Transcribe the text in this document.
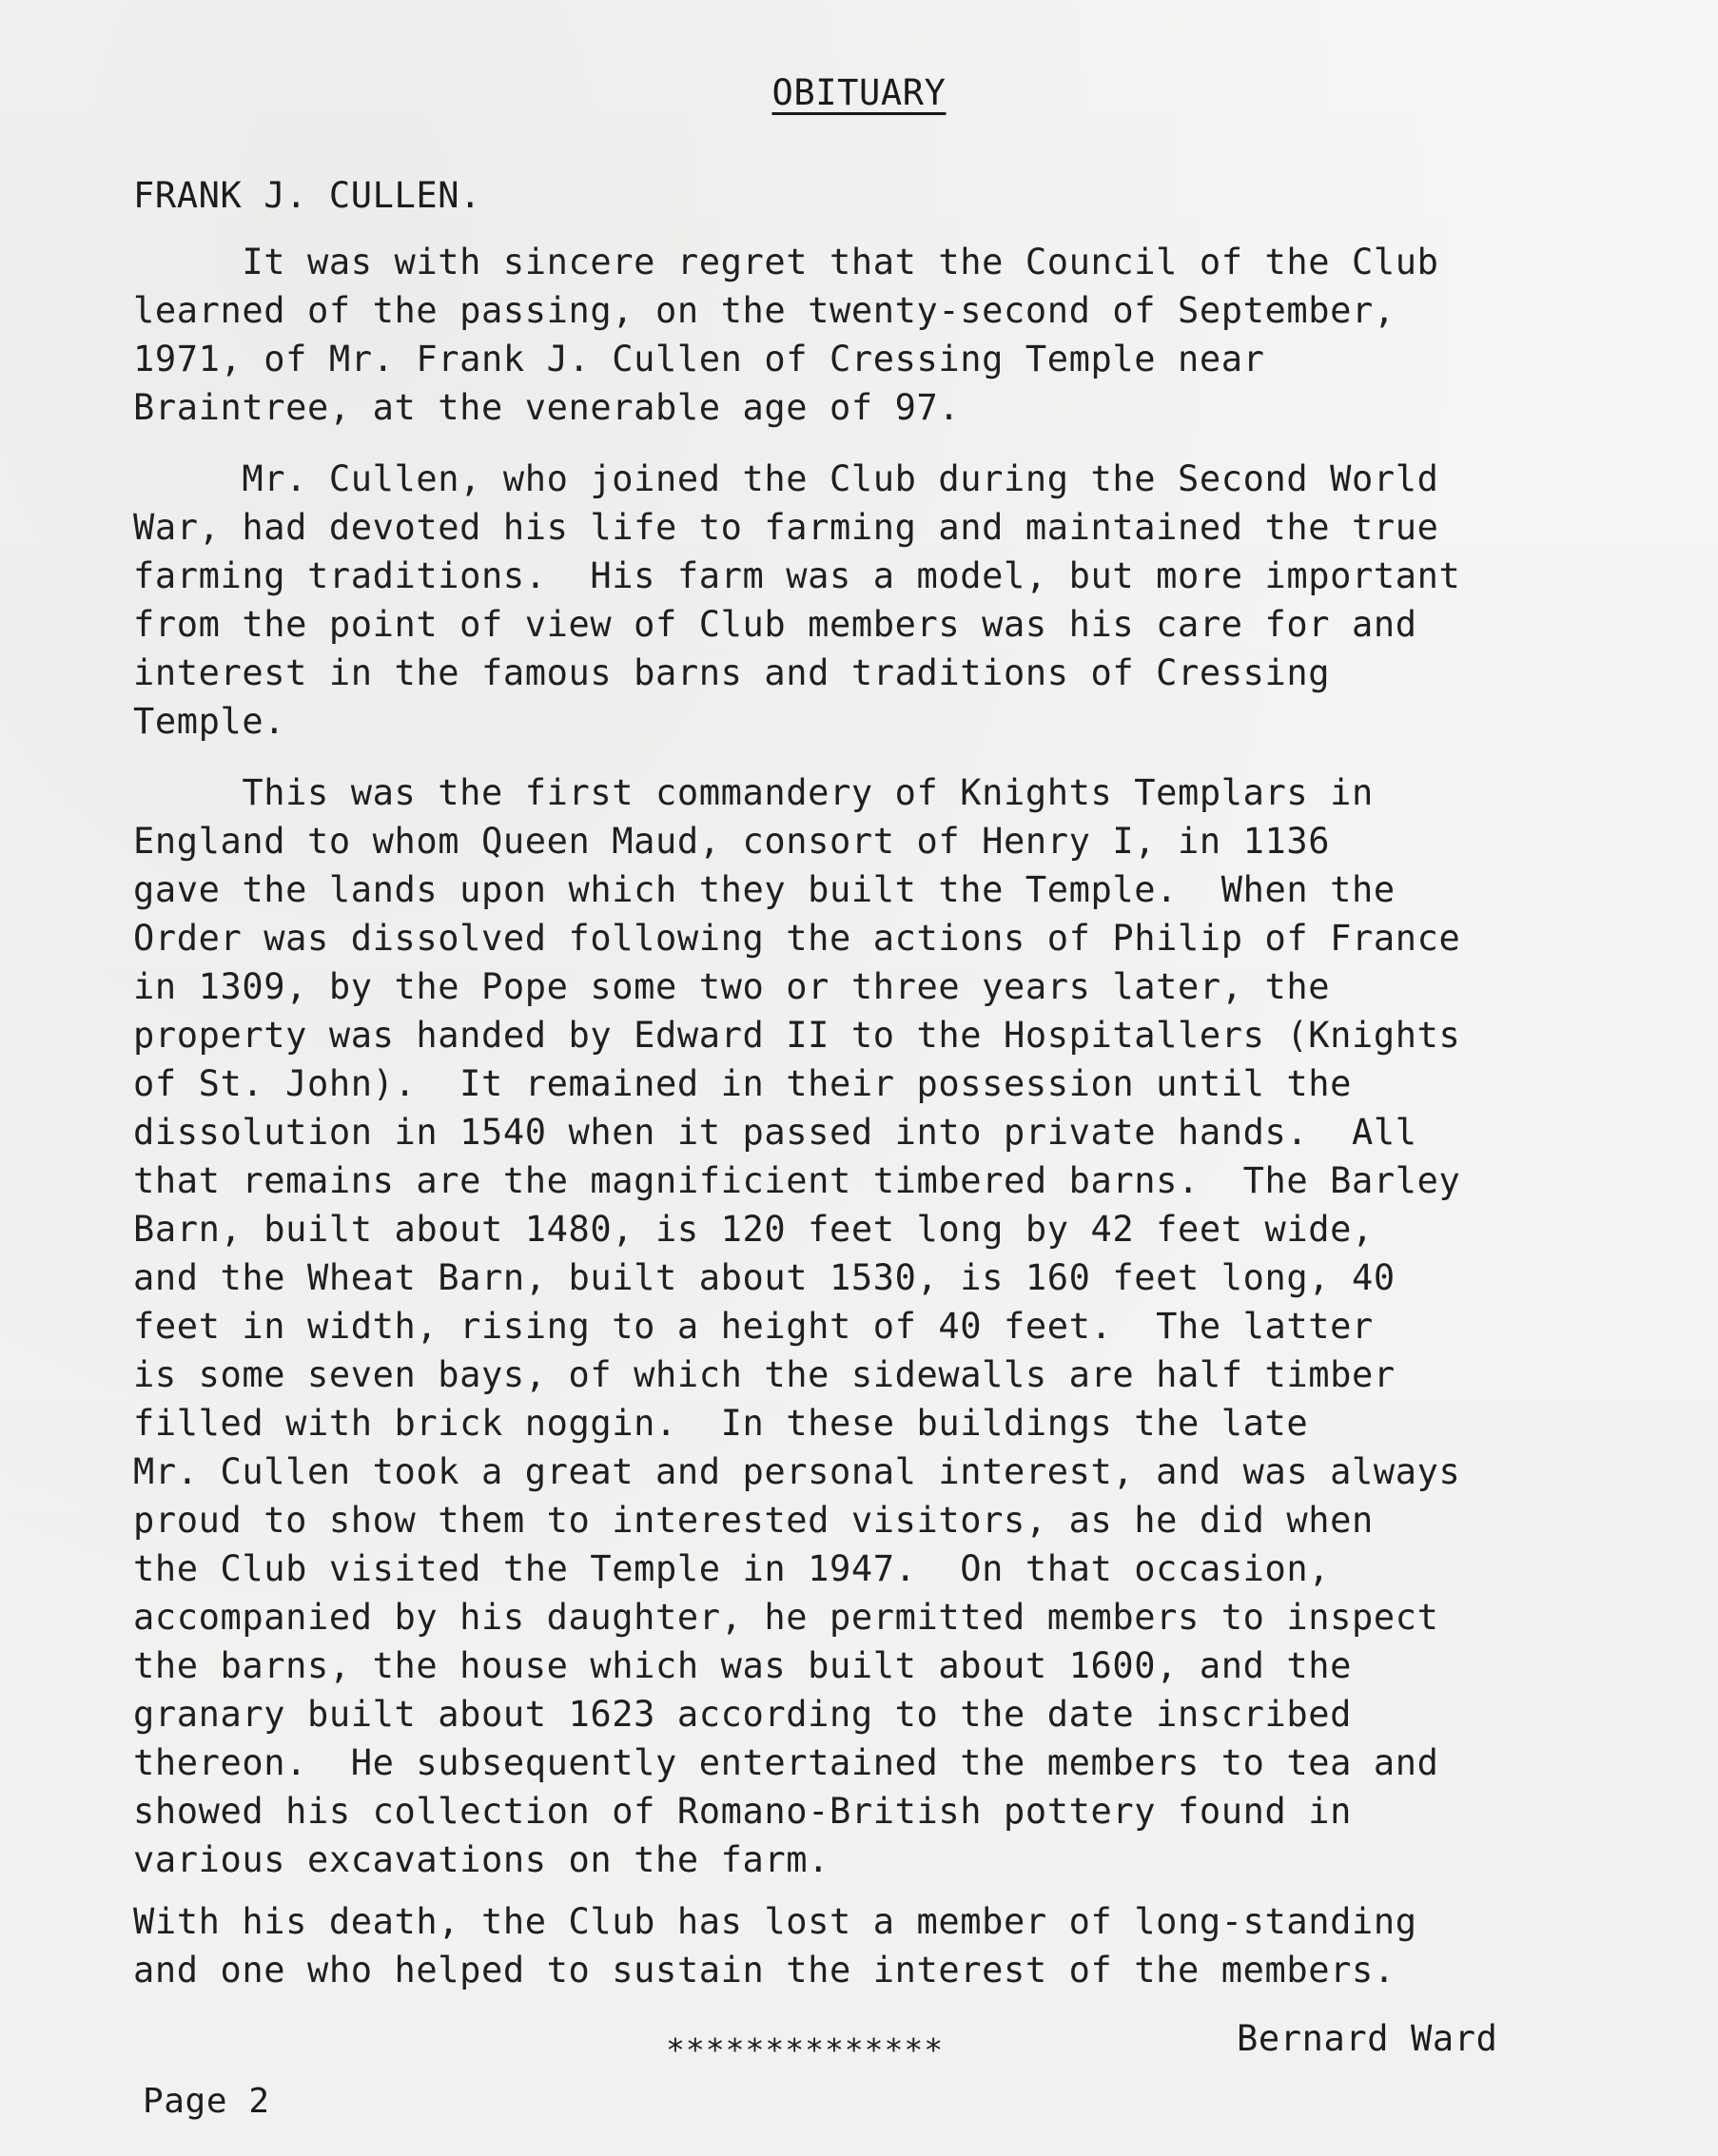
OBITUARY
FRANK J. CULLEN.
It was with sincere regret that the Council of the Club
learned of the passing, on the twenty-second of September,
1971, of Mr. Frank J. Cullen of Cressing Temple near
Braintree, at the venerable age of 97.
Mr. Cullen, who joined the Club during the Second World
War, had devoted his life to farming and maintained the true
farming traditions.  His farm was a model, but more important
from the point of view of Club members was his care for and
interest in the famous barns and traditions of Cressing
Temple.
This was the first commandery of Knights Templars in
England to whom Queen Maud, consort of Henry I, in 1136
gave the lands upon which they built the Temple.  When the
Order was dissolved following the actions of Philip of France
in 1309, by the Pope some two or three years later, the
property was handed by Edward II to the Hospitallers (Knights
of St. John).  It remained in their possession until the
dissolution in 1540 when it passed into private hands.  All
that remains are the magnificient timbered barns.  The Barley
Barn, built about 1480, is 120 feet long by 42 feet wide,
and the Wheat Barn, built about 1530, is 160 feet long, 40
feet in width, rising to a height of 40 feet.  The latter
is some seven bays, of which the sidewalls are half timber
filled with brick noggin.  In these buildings the late
Mr. Cullen took a great and personal interest, and was always
proud to show them to interested visitors, as he did when
the Club visited the Temple in 1947.  On that occasion,
accompanied by his daughter, he permitted members to inspect
the barns, the house which was built about 1600, and the
granary built about 1623 according to the date inscribed
thereon.  He subsequently entertained the members to tea and
showed his collection of Romano-British pottery found in
various excavations on the farm.
With his death, the Club has lost a member of long-standing
and one who helped to sustain the interest of the members.
Bernard Ward
**************
Page 2
